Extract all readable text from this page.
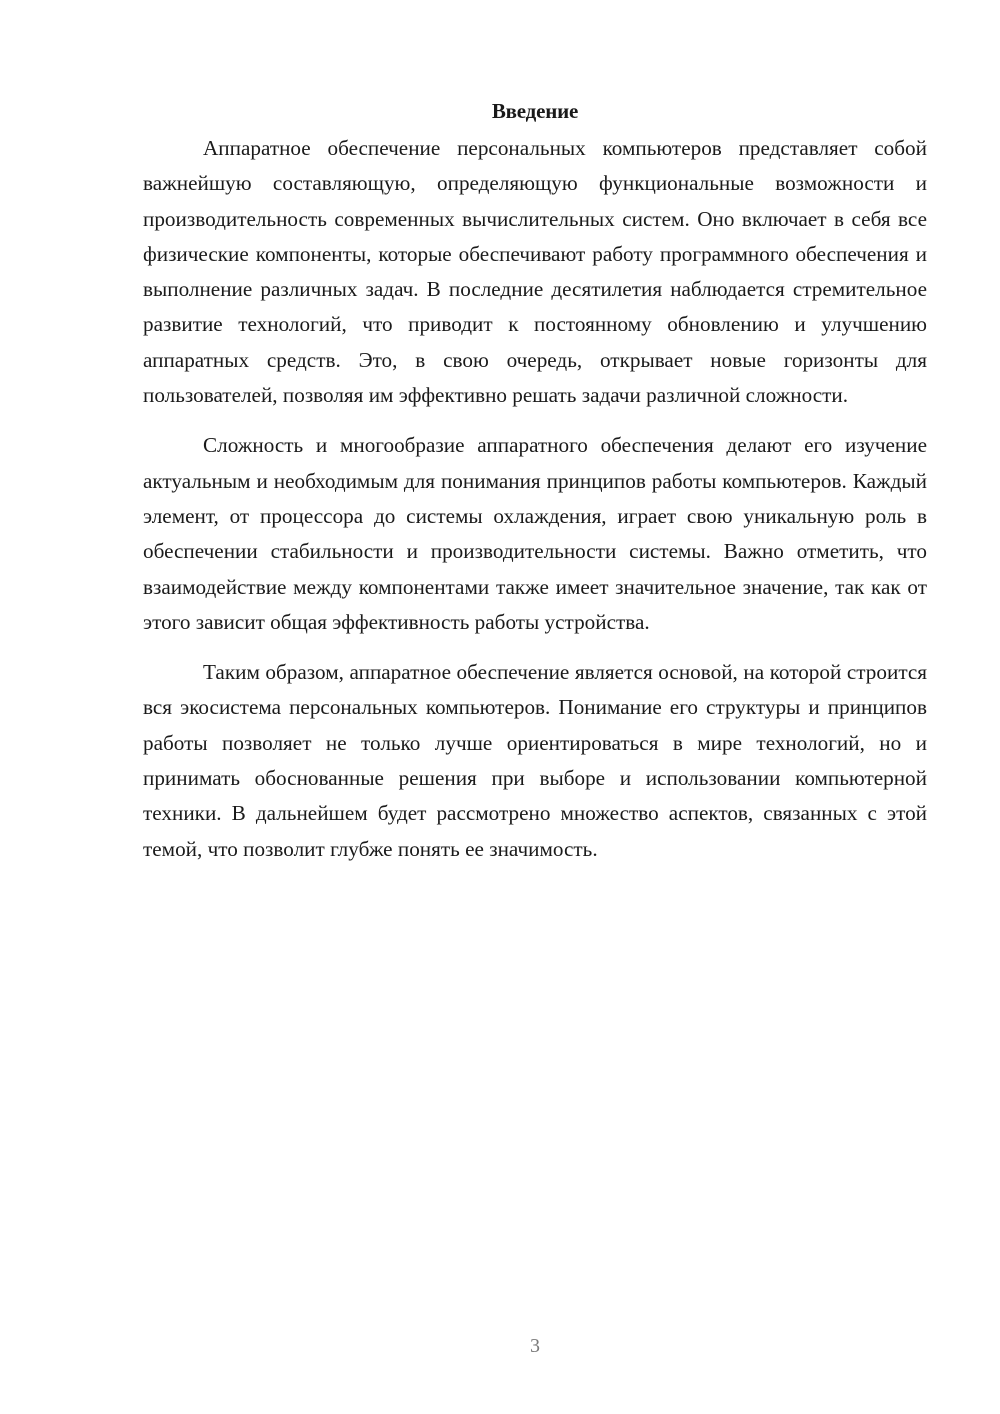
Введение

Аппаратное обеспечение персональных компьютеров представляет собой важнейшую составляющую, определяющую функциональные возможности и производительность современных вычислительных систем. Оно включает в себя все физические компоненты, которые обеспечивают работу программного обеспечения и выполнение различных задач. В последние десятилетия наблюдается стремительное развитие технологий, что приводит к постоянному обновлению и улучшению аппаратных средств. Это, в свою очередь, открывает новые горизонты для пользователей, позволяя им эффективно решать задачи различной сложности.

Сложность и многообразие аппаратного обеспечения делают его изучение актуальным и необходимым для понимания принципов работы компьютеров. Каждый элемент, от процессора до системы охлаждения, играет свою уникальную роль в обеспечении стабильности и производительности системы. Важно отметить, что взаимодействие между компонентами также имеет значительное значение, так как от этого зависит общая эффективность работы устройства.

Таким образом, аппаратное обеспечение является основой, на которой строится вся экосистема персональных компьютеров. Понимание его структуры и принципов работы позволяет не только лучше ориентироваться в мире технологий, но и принимать обоснованные решения при выборе и использовании компьютерной техники. В дальнейшем будет рассмотрено множество аспектов, связанных с этой темой, что позволит глубже понять ее значимость.

3
